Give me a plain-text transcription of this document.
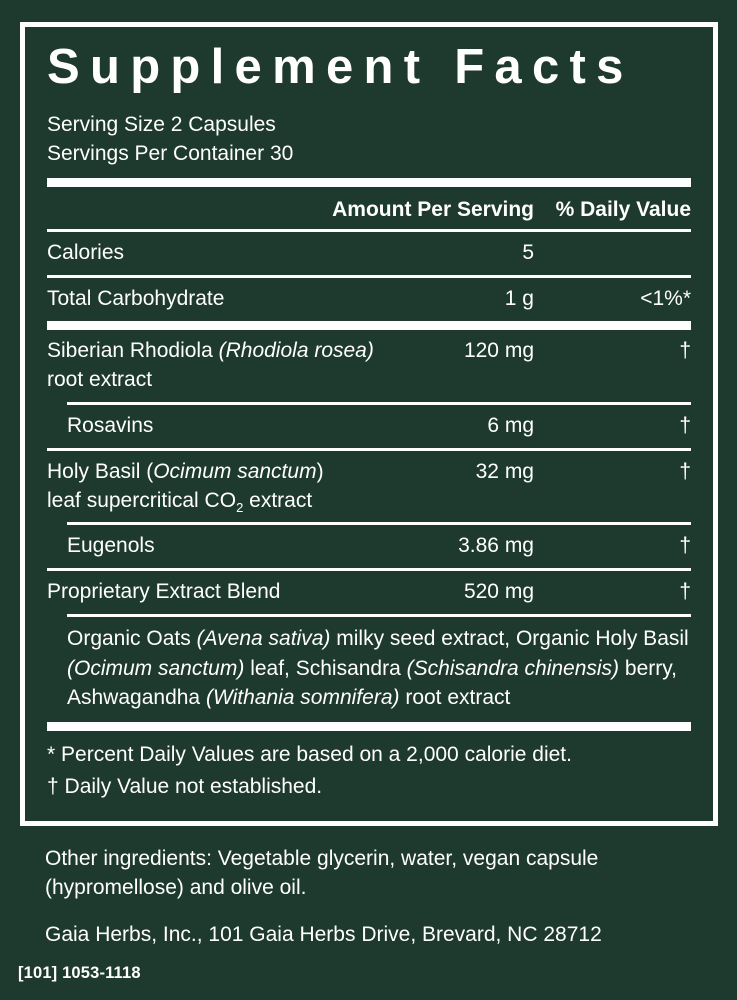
Supplement Facts

Serving Size 2 Capsules

Servings Per Container 30

Amount Per Serving	% Daily Value
Calories	5
Total Carbohydrate	1 g	<1%*
Siberian Rhodiola (Rhodiola rosea)
root extract
120 mg	†
Rosavins	6 mg	†
Holy Basil (Ocimum sanctum)
leaf supercritical $CO_2$ extract
32 mg	†
Eugenols	3.86 mg	†
Proprietary Extract Blend	520 mg	†
Organic Oats (Avena sativa) milky seed extract, Organic Holy Basil (Ocimum sanctum) leaf, Schisandra (Schisandra chinensis) berry, Ashwagandha (Withania somnifera) root extract

* Percent Daily Values are based on a 2,000 calorie diet.

† Daily Value not established.

Other ingredients: Vegetable glycerin, water, vegan capsule (hypromellose) and olive oil.

Gaia Herbs, Inc., 101 Gaia Herbs Drive, Brevard, NC 28712

[101] 1053-1118
